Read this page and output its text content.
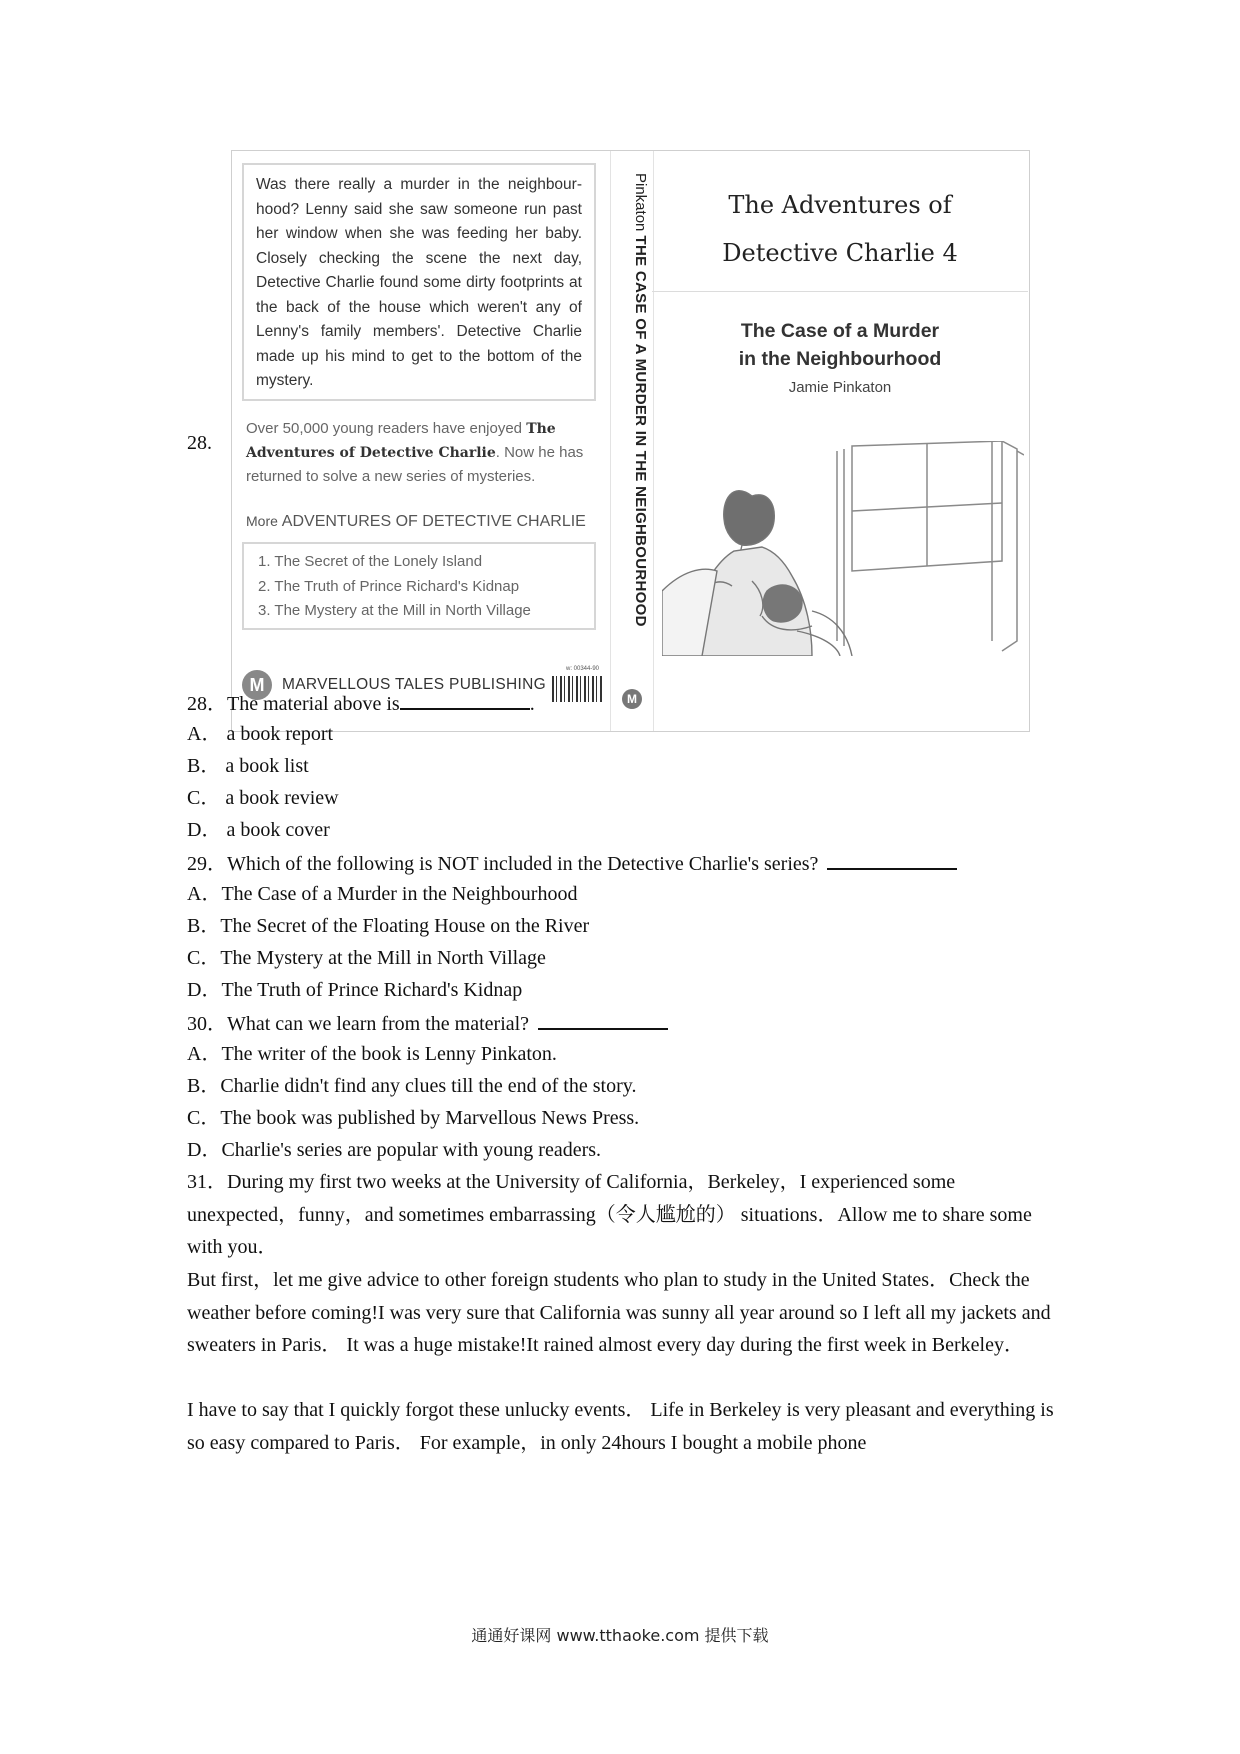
28.
Was there really a murder in the neighbour-hood? Lenny said she saw someone run past her window when she was feeding her baby. Closely checking the scene the next day, Detective Charlie found some dirty footprints at the back of the house which weren't any of Lenny's family members'. Detective Charlie made up his mind to get to the bottom of the mystery.
Over 50,000 young readers have enjoyed The Adventures of Detective Charlie. Now he has returned to solve a new series of mysteries.
More ADVENTURES OF DETECTIVE CHARLIE
1. The Secret of the Lonely Island
2. The Truth of Prince Richard's Kidnap
3. The Mystery at the Mill in North Village
M	MARVELLOUS TALES PUBLISHING
w: 00344-90
Pinkaton THE CASE OF A MURDER IN THE NEIGHBOURHOOD
M
The Adventures of
Detective Charlie 4
The Case of a Murder
in the Neighbourhood
Jamie Pinkaton
28．The material above is	.
A． a book report
B． a book list
C． a book review
D． a book cover
29．Which of the following is NOT included in the Detective Charlie's series?
A．The Case of a Murder in the Neighbourhood
B．The Secret of the Floating House on the River
C．The Mystery at the Mill in North Village
D．The Truth of Prince Richard's Kidnap
30．What can we learn from the material?
A．The writer of the book is Lenny Pinkaton.
B．Charlie didn't find any clues till the end of the story.
C．The book was published by Marvellous News Press.
D．Charlie's series are popular with young readers.
31．During my first two weeks at the University of California，Berkeley，I experienced some unexpected，funny，and sometimes embarrassing（令人尴尬的） situations．Allow me to share some with you．
But first，let me give advice to other foreign students who plan to study in the United States．Check the weather before coming!I was very sure that California was sunny all year around so I left all my jackets and sweaters in Paris． It was a huge mistake!It rained almost every day during the first week in Berkeley．
I have to say that I quickly forgot these unlucky events． Life in Berkeley is very pleasant and everything is so easy compared to Paris． For example，in only 24hours I bought a mobile phone
通通好课网 www.tthaoke.com 提供下载
